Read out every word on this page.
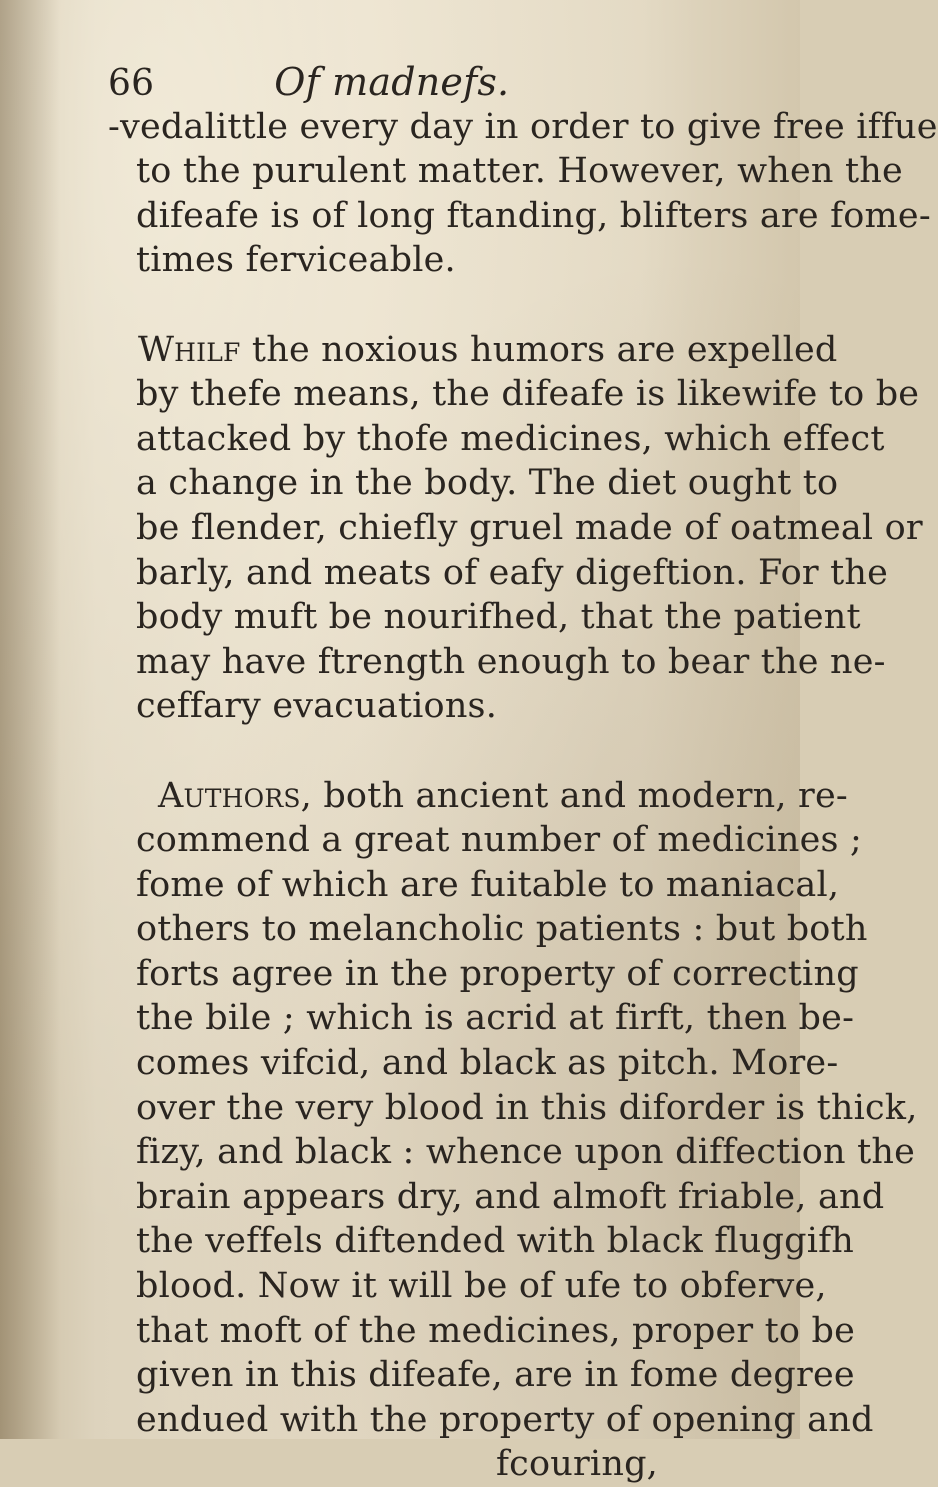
66	Of madnefs.
-vedalittle every day in order to give free iffue
to the purulent matter. However, when the
difeafe is of long ftanding, blifters are fome-
times ferviceable.
Whilf the noxious humors are expelled
by thefe means, the difeafe is likewife to be
attacked by thofe medicines, which effect
a change in the body. The diet ought to
be flender, chiefly gruel made of oatmeal or
barly, and meats of eafy digeftion. For the
body muft be nourifhed, that the patient
may have ftrength enough to bear the ne-
ceffary evacuations.
Authors, both ancient and modern, re-
commend a great number of medicines ;
fome of which are fuitable to maniacal,
others to melancholic patients : but both
forts agree in the property of correcting
the bile ; which is acrid at firft, then be-
comes vifcid, and black as pitch. More-
over the very blood in this diforder is thick,
fizy, and black : whence upon diffection the
brain appears dry, and almoft friable, and
the veffels diftended with black fluggifh
blood. Now it will be of ufe to obferve,
that moft of the medicines, proper to be
given in this difeafe, are in fome degree
endued with the property of opening and
fcouring,
